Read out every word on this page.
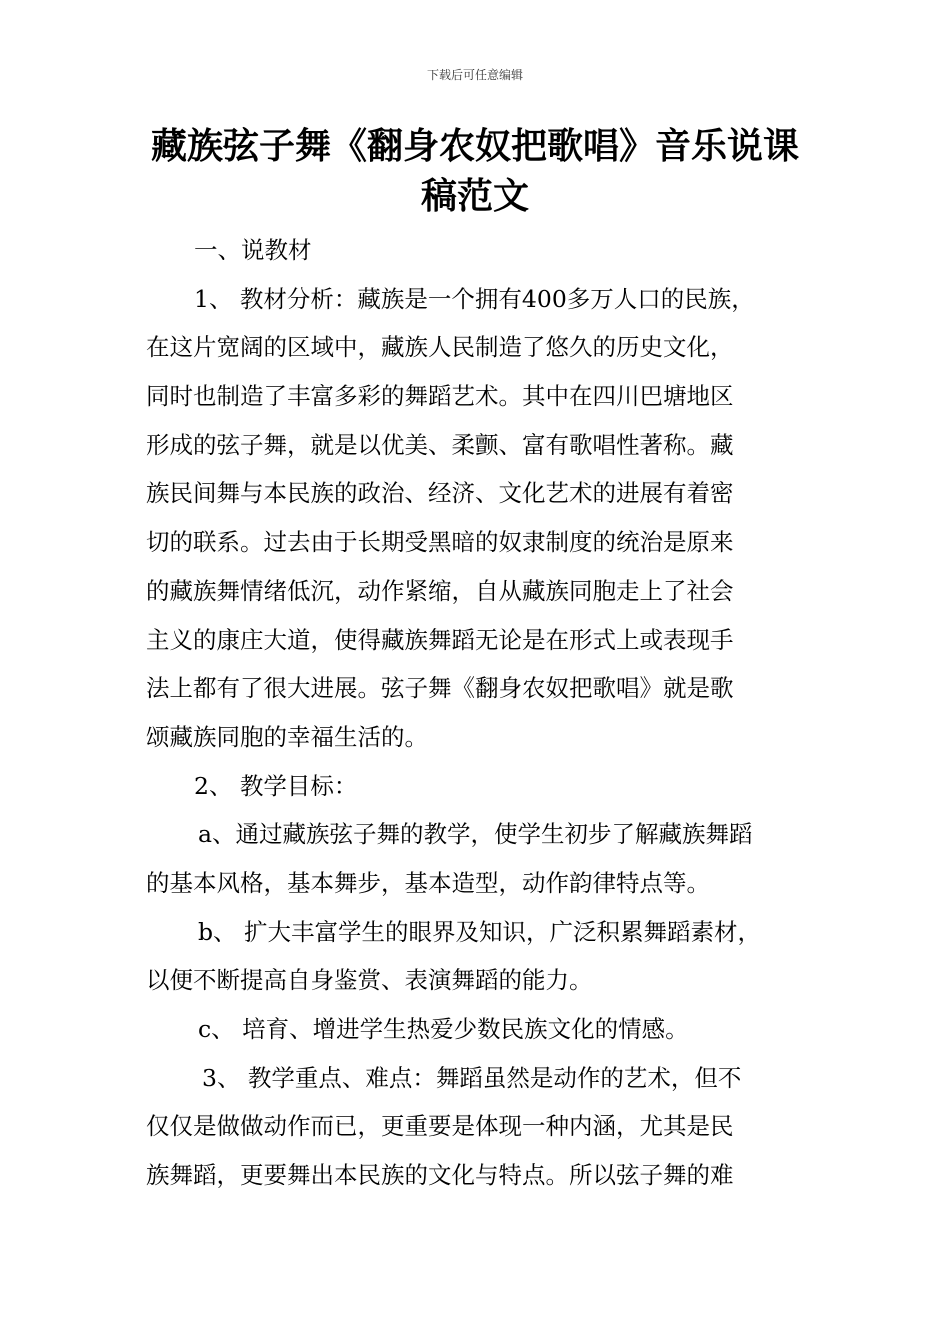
下载后可任意编辑
藏族弦子舞《翻身农奴把歌唱》音乐说课
稿范文
一、说教材
1、 教材分析：藏族是一个拥有400多万人口的民族，
在这片宽阔的区域中，藏族人民制造了悠久的历史文化，
同时也制造了丰富多彩的舞蹈艺术。其中在四川巴塘地区
形成的弦子舞，就是以优美、柔颤、富有歌唱性著称。藏
族民间舞与本民族的政治、经济、文化艺术的进展有着密
切的联系。过去由于长期受黑暗的奴隶制度的统治是原来
的藏族舞情绪低沉，动作紧缩，自从藏族同胞走上了社会
主义的康庄大道，使得藏族舞蹈无论是在形式上或表现手
法上都有了很大进展。弦子舞《翻身农奴把歌唱》就是歌
颂藏族同胞的幸福生活的。
2、 教学目标：
a、通过藏族弦子舞的教学，使学生初步了解藏族舞蹈
的基本风格，基本舞步，基本造型，动作韵律特点等。
b、 扩大丰富学生的眼界及知识，广泛积累舞蹈素材，
以便不断提高自身鉴赏、表演舞蹈的能力。
c、 培育、增进学生热爱少数民族文化的情感。
3、 教学重点、难点：舞蹈虽然是动作的艺术，但不
仅仅是做做动作而已，更重要是体现一种内涵，尤其是民
族舞蹈，更要舞出本民族的文化与特点。所以弦子舞的难
